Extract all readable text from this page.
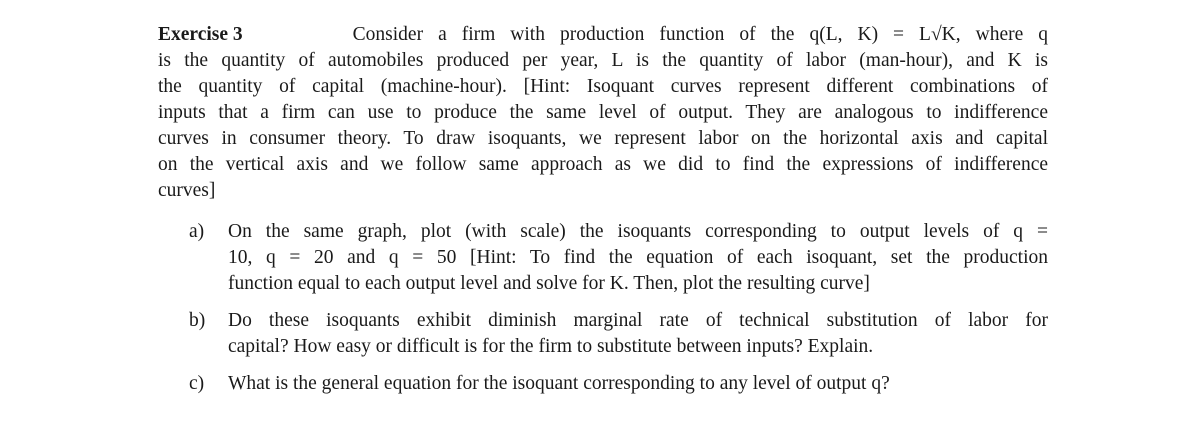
Exercise 3	Consider a firm with production function of the q(L, K) = L√K, where q
is the quantity of automobiles produced per year, L is the quantity of labor (man-hour), and K is
the quantity of capital (machine-hour). [Hint: Isoquant curves represent different combinations of
inputs that a firm can use to produce the same level of output. They are analogous to indifference
curves in consumer theory. To draw isoquants, we represent labor on the horizontal axis and capital
on the vertical axis and we follow same approach as we did to find the expressions of indifference
curves]
a) On the same graph, plot (with scale) the isoquants corresponding to output levels of q =
10, q = 20 and q = 50 [Hint: To find the equation of each isoquant, set the production
function equal to each output level and solve for K. Then, plot the resulting curve]
b) Do these isoquants exhibit diminish marginal rate of technical substitution of labor for
capital? How easy or difficult is for the firm to substitute between inputs? Explain.
c) What is the general equation for the isoquant corresponding to any level of output q?
